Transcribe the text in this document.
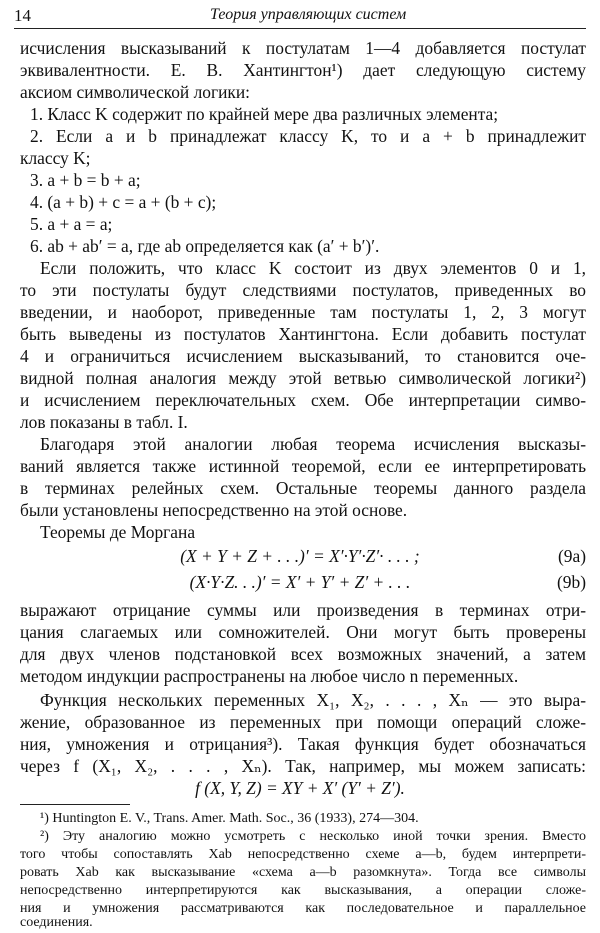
14	Теория управляющих систем

исчисления высказываний к постулатам 1—4 добавляется постулат

эквивалентности. Е. В. Хантингтон¹) дает следующую систему

аксиом символической логики:

1. Класс K содержит по крайней мере два различных элемента;

2. Если a и b принадлежат классу K, то и a + b принадлежит

классу K;

3. a + b = b + a;

4. (a + b) + c = a + (b + c);

5. a + a = a;

6. ab + ab′ = a, где ab определяется как (a′ + b′)′.

Если положить, что класс K состоит из двух элементов 0 и 1,

то эти постулаты будут следствиями постулатов, приведенных во

введении, и наоборот, приведенные там постулаты 1, 2, 3 могут

быть выведены из постулатов Хантингтона. Если добавить постулат

4 и ограничиться исчислением высказываний, то становится оче-

видной полная аналогия между этой ветвью символической логики²)

и исчислением переключательных схем. Обе интерпретации симво-

лов показаны в табл. I.

Благодаря этой аналогии любая теорема исчисления высказы-

ваний является также истинной теоремой, если ее интерпретировать

в терминах релейных схем. Остальные теоремы данного раздела

были установлены непосредственно на этой основе.

Теоремы де Моргана

(X + Y + Z + . . .)′ = X′·Y′·Z′· . . . ;	(9a)
(X·Y·Z. . .)′ = X′ + Y′ + Z′ + . . .	(9b)

выражают отрицание суммы или произведения в терминах отри-

цания слагаемых или сомножителей. Они могут быть проверены

для двух членов подстановкой всех возможных значений, а затем

методом индукции распространены на любое число n переменных.

Функция нескольких переменных X₁, X₂, . . . , Xₙ — это выра-

жение, образованное из переменных при помощи операций сложе-

ния, умножения и отрицания³). Такая функция будет обозначаться

через f (X₁, X₂, . . . , Xₙ). Так, например, мы можем записать:

f (X, Y, Z) = XY + X′ (Y′ + Z′).

¹) Huntington E. V., Trans. Amer. Math. Soc., 36 (1933), 274—304.

²) Эту аналогию можно усмотреть с несколько иной точки зрения. Вместо

того чтобы сопоставлять Xab непосредственно схеме a—b, будем интерпрети-

ровать Xab как высказывание «схема a—b разомкнута». Тогда все символы

непосредственно интерпретируются как высказывания, а операции сложе-

ния и умножения рассматриваются как последовательное и параллельное

соединения.
